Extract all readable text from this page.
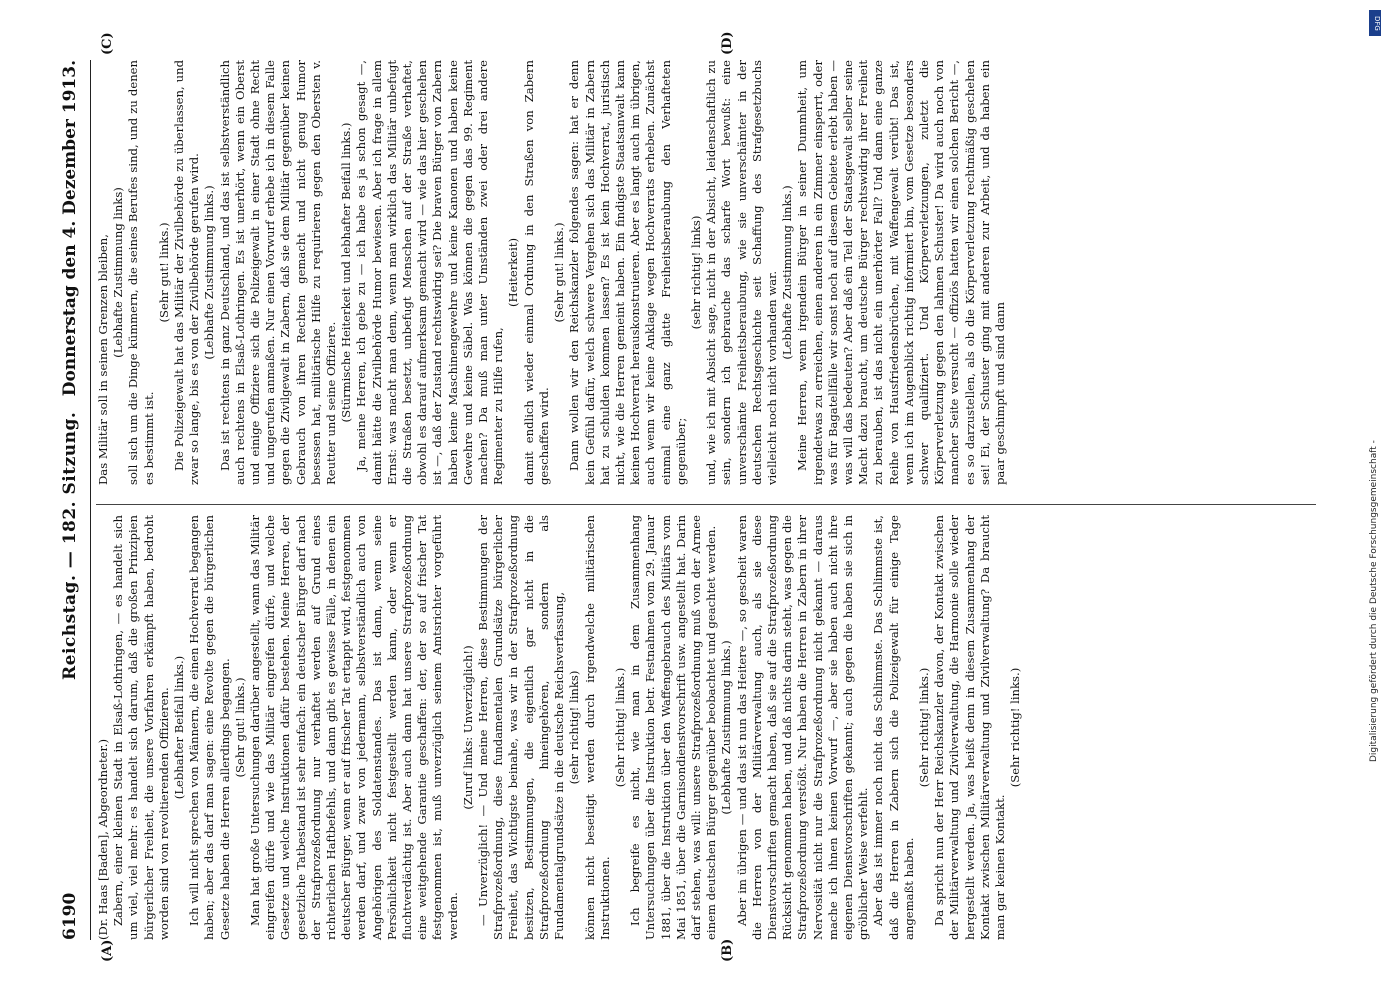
6190
Reichstag. — 182. Sitzung.
Donnerstag den 4. Dezember 1913.
(A)	(B)
(C)	(D)

(Dr. Haas [Baden], Abgeordneter.) Zabern, einer kleinen Stadt in Elsaß-Lothringen, — es handelt sich um viel, viel mehr: es handelt sich darum, daß die großen Prinzipien bürgerlicher Freiheit, die unsere Vorfahren erkämpft haben, bedroht worden sind von revoltierenden Offizieren. (Lebhafter Beifall links.) Ich will nicht sprechen von Männern, die einen Hochverrat begangen haben; aber das darf man sagen: eine Revolte gegen die bürgerlichen Gesetze haben die Herren allerdings begangen. (Sehr gut! links.) Man hat große Untersuchungen darüber angestellt, wann das Militär eingreifen dürfe und wie das Militär eingreifen dürfe, und welche Gesetze und welche Instruktionen dafür bestehen. Meine Herren, der gesetzliche Tatbestand ist sehr einfach: ein deutscher Bürger darf nach der Strafprozeßordnung nur verhaftet werden auf Grund eines richterlichen Haftbefehls, und dann gibt es gewisse Fälle, in denen ein deutscher Bürger, wenn er auf frischer Tat ertappt wird, festgenommen werden darf, und zwar von jedermann, selbstverständlich auch von Angehörigen des Soldatenstandes. Das ist dann, wenn seine Persönlichkeit nicht festgestellt werden kann, oder wenn er fluchtverdächtig ist. Aber auch dann hat unsere Strafprozeßordnung eine weitgehende Garantie geschaffen: der, der so auf frischer Tat festgenommen ist, muß unverzüglich seinem Amtsrichter vorgeführt werden.

(Zuruf links: Unverzüglich!) — Unverzüglich! — Und meine Herren, diese Bestimmungen der Strafprozeßordnung, diese fundamentalen Grundsätze bürgerlicher Freiheit, das Wichtigste beinahe, was wir in der Strafprozeßordnung besitzen, Bestimmungen, die eigentlich gar nicht in die Strafprozeßordnung hineingehören, sondern als Fundamentalgrundsätze in die deutsche Reichsverfassung, (sehr richtig! links) können nicht beseitigt werden durch irgendwelche militärischen Instruktionen.

(Sehr richtig! links.) Ich begreife es nicht, wie man in dem Zusammenhang Untersuchungen über die Instruktion betr. Festnahmen vom 29. Januar 1881, über die Instruktion über den Waffengebrauch des Militärs vom Mai 1851, über die Garnisondienstvorschrift usw. angestellt hat. Darin darf stehen, was will: unsere Strafprozeßordnung muß von der Armee einem deutschen Bürger gegenüber beobachtet und geachtet werden. (Lebhafte Zustimmung links.) Aber im übrigen — und das ist nun das Heitere —, so gescheit waren die Herren von der Militärverwaltung auch, als sie diese Dienstvorschriften gemacht haben, daß sie auf die Strafprozeßordnung Rücksicht genommen haben, und daß nichts darin steht, was gegen die Strafprozeßordnung verstößt. Nur haben die Herren in Zabern in ihrer Nervosität nicht nur die Strafprozeßordnung nicht gekannt — daraus mache ich ihnen keinen Vorwurf —, aber sie haben auch nicht ihre eigenen Dienstvorschriften gekannt; auch gegen die haben sie sich in gröblicher Weise verfehlt. Aber das ist immer noch nicht das Schlimmste. Das Schlimmste ist, daß die Herren in Zabern sich die Polizeigewalt für einige Tage angemaßt haben.

(Sehr richtig! links.) Da spricht nun der Herr Reichskanzler davon, der Kontakt zwischen der Militärverwaltung und Zivilverwaltung, die Harmonie solle wieder hergestellt werden. Ja, was heißt denn in diesem Zusammenhang der Kontakt zwischen Militärverwaltung und Zivilverwaltung? Da braucht man gar keinen Kontakt.

(Sehr richtig! links.)

Das Militär soll in seinen Grenzen bleiben, (Lebhafte Zustimmung links) soll sich um die Dinge kümmern, die seines Berufes sind, und zu denen es bestimmt ist.

(Sehr gut! links.) Die Polizeigewalt hat das Militär der Zivilbehörde zu überlassen, und zwar so lange, bis es von der Zivilbehörde gerufen wird. (Lebhafte Zustimmung links.) Das ist rechtens in ganz Deutschland, und das ist selbstverständlich auch rechtens in Elsaß-Lothringen. Es ist unerhört, wenn ein Oberst und einige Offiziere sich die Polizeigewalt in einer Stadt ohne Recht und ungerufen anmaßen. Nur einen Vorwurf erhebe ich in diesem Falle gegen die Zivilgewalt in Zabern, daß sie dem Militär gegenüber keinen Gebrauch von ihren Rechten gemacht und nicht genug Humor besessen hat, militärische Hilfe zu requirieren gegen den Obersten v. Reutter und seine Offiziere. (Stürmische Heiterkeit und lebhafter Beifall links.) Ja, meine Herren, ich gebe zu — ich habe es ja schon gesagt —, damit hätte die Zivilbehörde Humor bewiesen. Aber ich frage in allem Ernst: was macht man denn, wenn man wirklich das Militär unbefugt die Straßen besetzt, unbefugt Menschen auf der Straße verhaftet, obwohl es darauf aufmerksam gemacht wird — wie das hier geschehen ist —, daß der Zustand rechtswidrig sei? Die braven Bürger von Zabern haben keine Maschinengewehre und keine Kanonen und haben keine Gewehre und keine Säbel. Was können die gegen das 99. Regiment machen? Da muß man unter Umständen zwei oder drei andere Regimenter zu Hilfe rufen,

(Heiterkeit) damit endlich wieder einmal Ordnung in den Straßen von Zabern geschaffen wird.

(Sehr gut! links.) Dann wollen wir den Reichskanzler folgendes sagen: hat er denn kein Gefühl dafür, welch schwere Vergehen sich das Militär in Zabern hat zu schulden kommen lassen? Es ist kein Hochverrat, juristisch nicht, wie die Herren gemeint haben. Ein findigste Staatsanwalt kann keinen Hochverrat herauskonstruieren. Aber es langt auch im übrigen, auch wenn wir keine Anklage wegen Hochverrats erheben. Zunächst einmal eine ganz glatte Freiheitsberaubung den Verhafteten gegenüber;

(sehr richtig! links) und, wie ich mit Absicht sage, nicht in der Absicht, leidenschaftlich zu sein, sondern ich gebrauche das scharfe Wort bewußt: eine unverschämte Freiheitsberaubung, wie sie unverschämter in der deutschen Rechtsgeschichte seit Schaffung des Strafgesetzbuchs vielleicht noch nicht vorhanden war. (Lebhafte Zustimmung links.) Meine Herren, wenn irgendein Bürger in seiner Dummheit, um irgendetwas zu erreichen, einen anderen in ein Zimmer einsperrt, oder was für Bagatellfälle wir sonst noch auf diesem Gebiete erlebt haben — was will das bedeuten? Aber daß ein Teil der Staatsgewalt selber seine Macht dazu braucht, um deutsche Bürger rechtswidrig ihrer Freiheit zu berauben, ist das nicht ein unerhörter Fall? Und dann eine ganze Reihe von Hausfriedensbrüchen, mit Waffengewalt verübt! Das ist, wenn ich im Augenblick richtig informiert bin, vom Gesetze besonders schwer qualifiziert. Und Körperverletzungen, zuletzt die Körperverletzung gegen den lahmen Schuster! Da wird auch noch von mancher Seite versucht — offiziös hatten wir einen solchen Bericht —, es so darzustellen, als ob die Körperverletzung rechtmäßig geschehen sei! Ei, der Schuster ging mit anderen zur Arbeit, und da haben ein paar geschimpft und sind dann

DFG
Digitalisierung gefördert durch die Deutsche Forschungsgemeinschaft -
